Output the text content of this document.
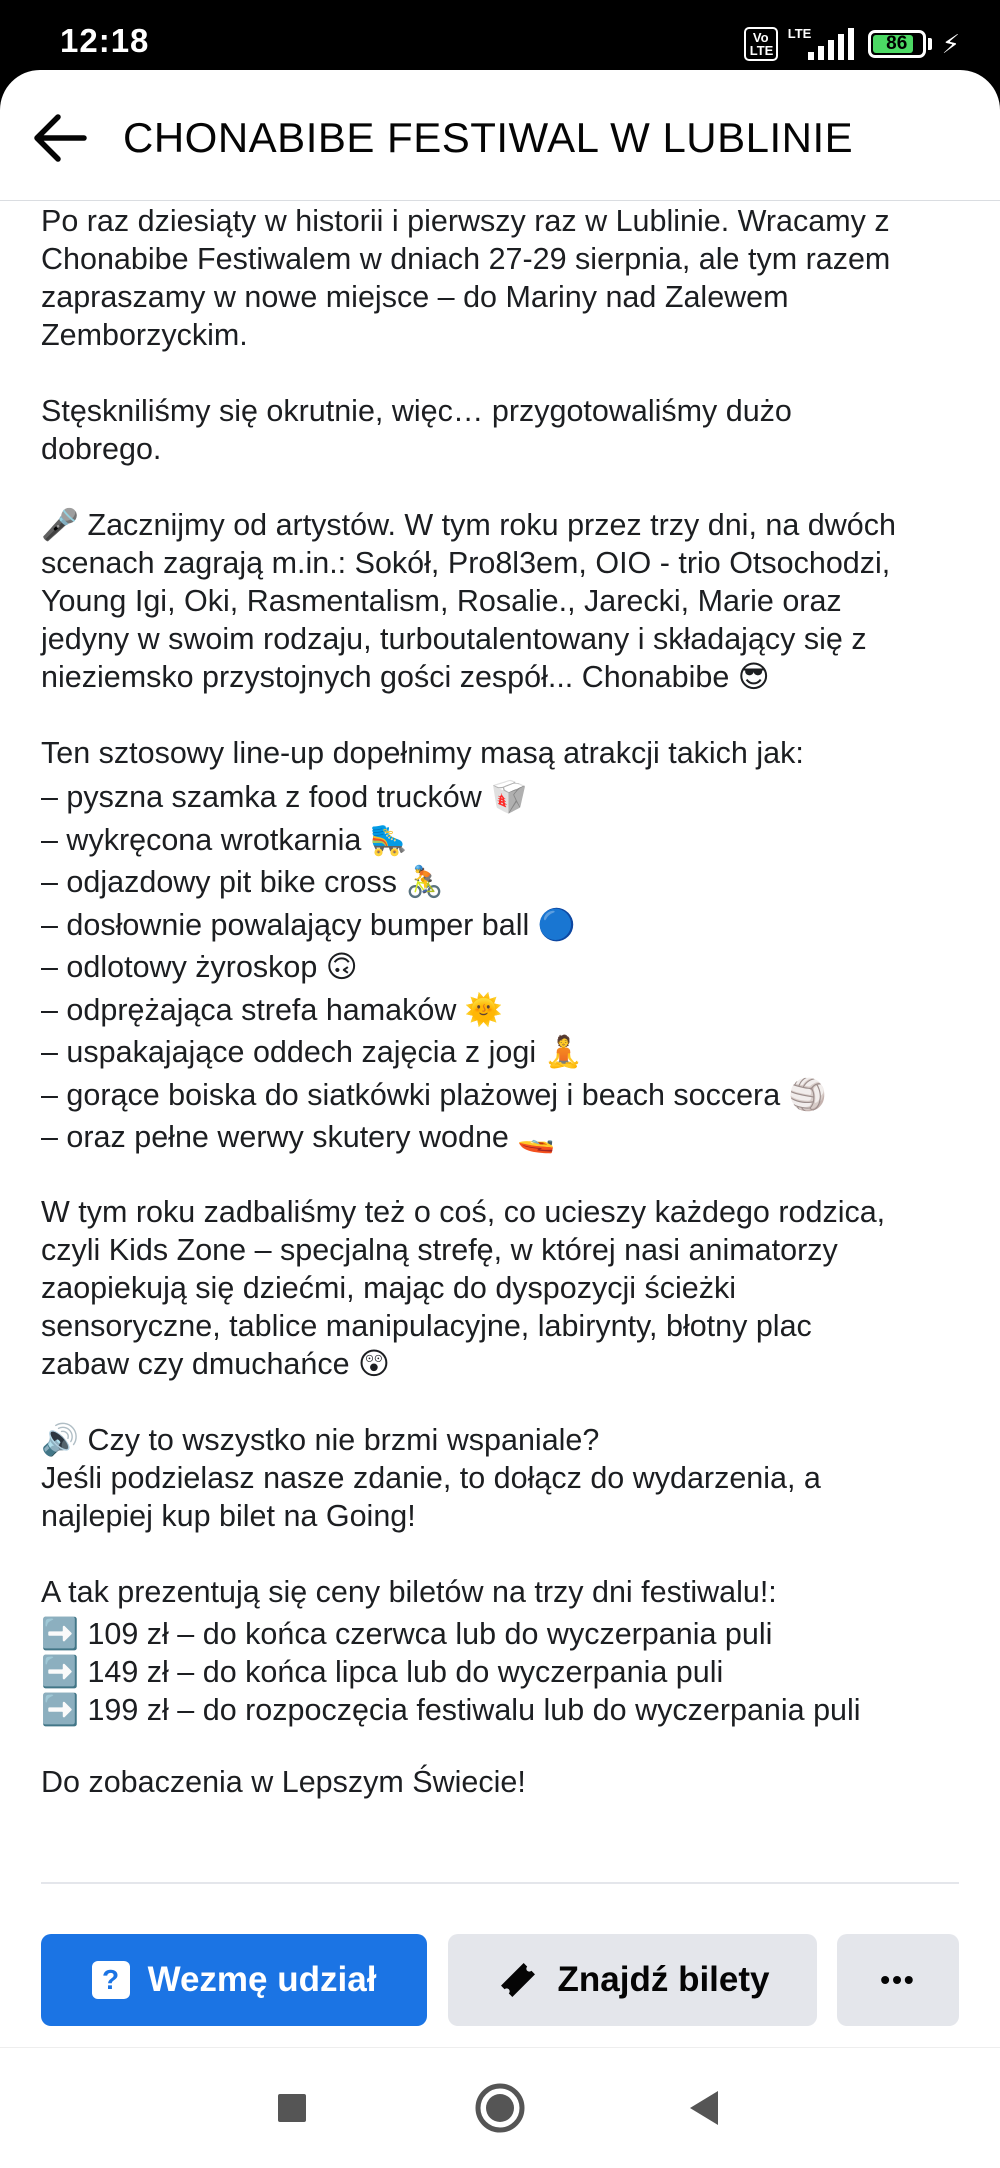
12:18	Vo LTE
LTE	86 ⚡
CHONABIBE FESTIWAL W LUBLINIE

Po raz dziesiąty w historii i pierwszy raz w Lublinie. Wracamy z
Chonabibe Festiwalem w dniach 27-29 sierpnia, ale tym razem
zapraszamy w nowe miejsce – do Mariny nad Zalewem
Zemborzyckim.

Stęskniliśmy się okrutnie, więc… przygotowaliśmy dużo
dobrego.

🎤 Zacznijmy od artystów. W tym roku przez trzy dni, na dwóch
scenach zagrają m.in.: Sokół, Pro8l3em, OIO - trio Otsochodzi,
Young Igi, Oki, Rasmentalism, Rosalie., Jarecki, Marie oraz
jedyny w swoim rodzaju, turboutalentowany i składający się z
nieziemsko przystojnych gości zespół... Chonabibe 😎

Ten sztosowy line-up dopełnimy masą atrakcji takich jak:
– pyszna szamka z food trucków 🥡
– wykręcona wrotkarnia 🛼
– odjazdowy pit bike cross 🚴
– dosłownie powalający bumper ball 🔵
– odlotowy żyroskop 🙃
– odprężająca strefa hamaków 🌞
– uspakajające oddech zajęcia z jogi 🧘
– gorące boiska do siatkówki plażowej i beach soccera 🏐
– oraz pełne werwy skutery wodne 🚤

W tym roku zadbaliśmy też o coś, co ucieszy każdego rodzica,
czyli Kids Zone – specjalną strefę, w której nasi animatorzy
zaopiekują się dziećmi, mając do dyspozycji ścieżki
sensoryczne, tablice manipulacyjne, labirynty, błotny plac
zabaw czy dmuchańce 😲

🔊 Czy to wszystko nie brzmi wspaniale?
Jeśli podzielasz nasze zdanie, to dołącz do wydarzenia, a
najlepiej kup bilet na Going!

A tak prezentują się ceny biletów na trzy dni festiwalu!:
➡️ 109 zł – do końca czerwca lub do wyczerpania puli
➡️ 149 zł – do końca lipca lub do wyczerpania puli
➡️ 199 zł – do rozpoczęcia festiwalu lub do wyczerpania puli

Do zobaczenia w Lepszym Świecie!

? Wezmę udział	Znajdź bilety	•••
